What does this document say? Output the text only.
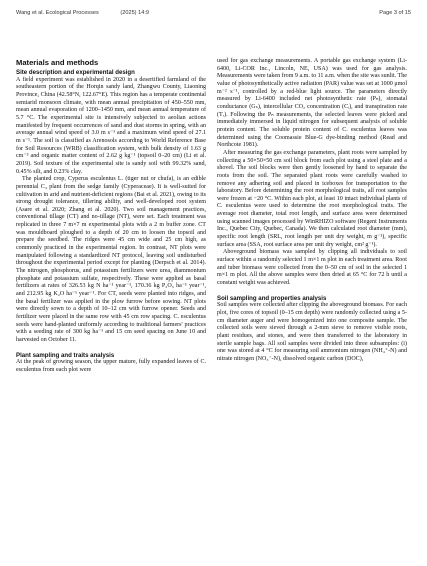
Wang et al. Ecological Processes	(2025) 14:9	Page 3 of 15
Materials and methods
Site description and experimental design

A field experiment was established in 2020 in a desertified farmland of the southeastern portion of the Horqin sandy land, Zhangwu County, Liaoning Province, China (42.58°N, 122.67°E). This region has a temperate continental semiarid monsoon climate, with mean annual precipitation of 450–550 mm, mean annual evaporation of 1200–1450 mm, and mean annual temperature of 5.7 °C. The experimental site is intensively subjected to aeolian actions manifested by frequent occurrences of sand and dust storms in spring, with an average annual wind speed of 3.0 m s⁻¹ and a maximum wind speed of 27.1 m s⁻¹. The soil is classified as Arenosols according to World Reference Base for Soil Resources (WRB) classification system, with bulk density of 1.63 g cm⁻³ and organic matter content of 2.62 g kg⁻¹ (topsoil 0–20 cm) (Li et al. 2019). Soil texture of the experimental site is sandy soil with 99.32% sand, 0.45% silt, and 0.23% clay.

The planted crop, Cyperus esculentus L. (tiger nut or chufa), is an edible perennial C₄ plant from the sedge family (Cyperaceae). It is well-suited for cultivation in arid and nutrient-deficient regions (Bai et al. 2021), owing to its strong drought tolerance, tillering ability, and well-developed root system (Asare et al. 2020; Zhang et al. 2020). Two soil management practices, conventional tillage (CT) and no-tillage (NT), were set. Each treatment was replicated in three 7 m×7 m experimental plots with a 2 m buffer zone. CT was mouldboard ploughed to a depth of 20 cm to loosen the topsoil and prepare the seedbed. The ridges were 45 cm wide and 25 cm high, as commonly practiced in the experimental region. In contrast, NT plots were manipulated following a standardized NT protocol, leaving soil undisturbed throughout the experimental period except for planting (Derpsch et al. 2014). The nitrogen, phosphorus, and potassium fertilizers were urea, diammonium phosphate and potassium sulfate, respectively. These were applied as basal fertilizers at rates of 326.53 kg N ha⁻¹ year⁻¹, 170.36 kg P₂O₅ ha⁻¹ year⁻¹, and 212.95 kg K₂O ha⁻¹ year⁻¹. For CT, seeds were planted into ridges, and the basal fertilizer was applied in the plow furrow before sowing. NT plots were directly sown to a depth of 10–12 cm with furrow opener. Seeds and fertilizer were placed in the same row with 45 cm row spacing. C. esculentus seeds were hand-planted uniformly according to traditional farmers' practices with a seeding rate of 300 kg ha⁻¹ and 15 cm seed spacing on June 10 and harvested on October 11.

Plant sampling and traits analysis

At the peak of growing season, the upper mature, fully expanded leaves of C. esculentus from each plot were

used for gas exchange measurements. A portable gas exchange system (Li-6400, Li-COR Inc., Lincoln, NE, USA) was used for gas analysis. Measurements were taken from 9 a.m. to 11 a.m. when the site was sunlit. The value of photosynthetically active radiation (PAR) value was set at 1000 μmol m⁻² s⁻¹, controlled by a red-blue light source. The parameters directly measured by Li-6400 included net photosynthetic rate (Pₙ), stomatal conductance (Gₛ), intercellular CO₂ concentration (Cᵢ), and transpiration rate (Tᵣ). Following the Pₙ measurements, the selected leaves were picked and immediately immersed in liquid nitrogen for subsequent analysis of soluble protein content. The soluble protein content of C. esculentus leaves was determined using the Coomassie Blue-G dye-binding method (Read and Northcote 1981).

After measuring the gas exchange parameters, plant roots were sampled by collecting a 50×50×50 cm soil block from each plot using a steel plate and a shovel. The soil blocks were then gently loosened by hand to separate the roots from the soil. The separated plant roots were carefully washed to remove any adhering soil and placed in iceboxes for transportation to the laboratory. Before determining the root morphological traits, all root samples were frozen at −20 °C. Within each plot, at least 10 intact individual plants of C. esculentus were used to determine the root morphological traits. The average root diameter, total root length, and surface area were determined using scanned images processed by WinRHIZO software (Regent Instruments Inc., Quebec City, Quebec, Canada). We then calculated root diameter (mm), specific root length (SRL, root length per unit dry weight, m g⁻¹), specific surface area (SSA, root surface area per unit dry weight, cm² g⁻¹).

Aboveground biomass was sampled by clipping all individuals to soil surface within a randomly selected 1 m×1 m plot in each treatment area. Root and tuber biomass were collected from the 0–50 cm of soil in the selected 1 m×1 m plot. All the above samples were then dried at 65 °C for 72 h until a constant weight was achieved.

Soil sampling and properties analysis

Soil samples were collected after clipping the aboveground biomass. For each plot, five cores of topsoil (0–15 cm depth) were randomly collected using a 5-cm diameter auger and were homogenized into one composite sample. The collected soils were sieved through a 2-mm sieve to remove visible roots, plant residues, and stones, and were then transferred to the laboratory in sterile sample bags. All soil samples were divided into three subsamples: (i) one was stored at 4 °C for measuring soil ammonium nitrogen (NH₄⁺-N) and nitrate nitrogen (NO₃⁻-N), dissolved organic carbon (DOC),
